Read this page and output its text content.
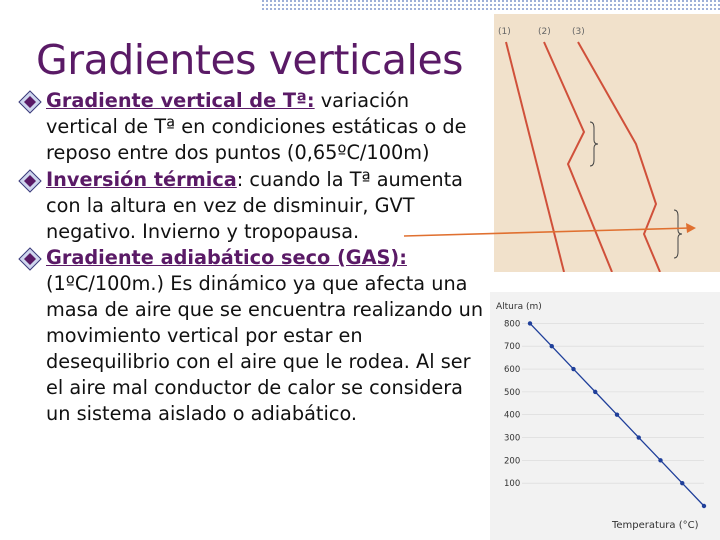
Gradientes verticales
Gradiente vertical de Tª: variación vertical de Tª en condiciones estáticas o de reposo entre dos puntos (0,65ºC/100m)
Inversión térmica: cuando la Tª aumenta con la altura en vez de disminuir, GVT negativo. Invierno y tropopausa.
Gradiente adiabático seco (GAS): (1ºC/100m.) Es dinámico ya que afecta una masa de aire que se encuentra realizando un movimiento vertical por estar en desequilibrio con el aire que le rodea. Al ser el aire mal conductor de calor se considera un sistema aislado o adiabático.
(1)	(2) (3)
Altura (m)
Temperatura (°C)
800
700
600
500
400
300
200
100
